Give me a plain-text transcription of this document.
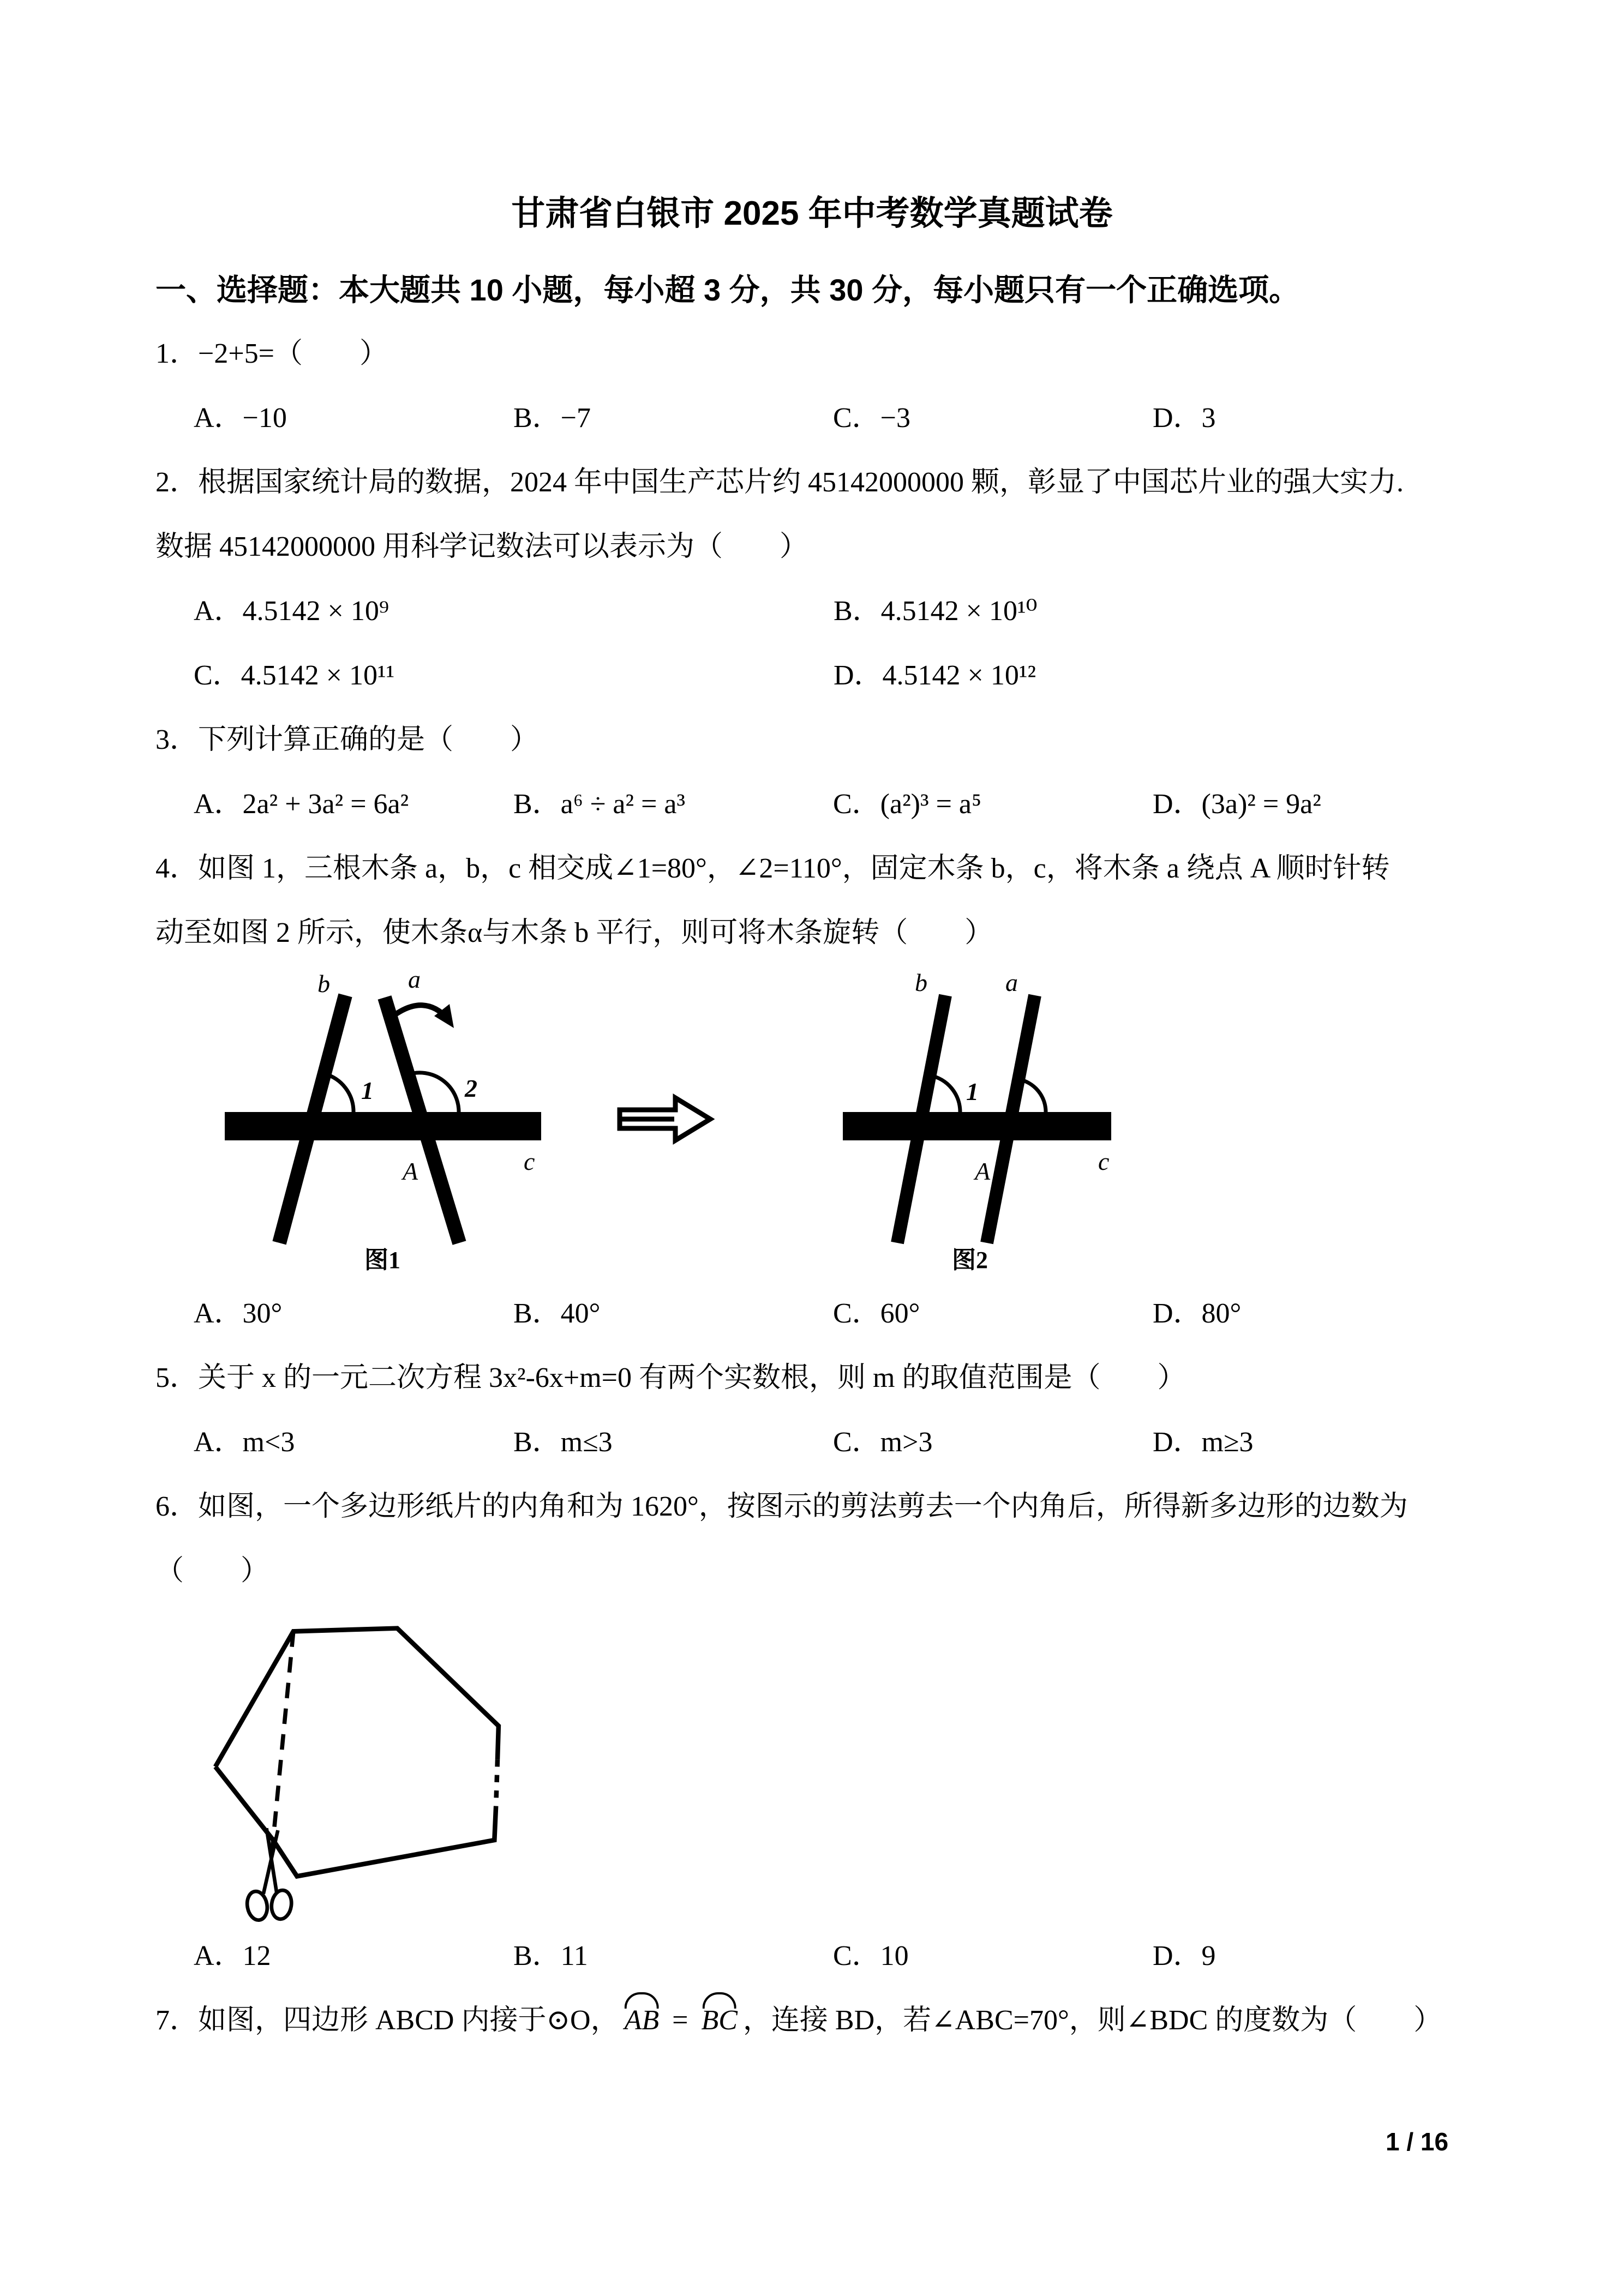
甘肃省白银市 2025 年中考数学真题试卷
一、选择题：本大题共 10 小题，每小超 3 分，共 30 分，每小题只有一个正确选项。
1．−2+5=（　　）
A．−10	B．−7	C．−3	D．3
2．根据国家统计局的数据，2024 年中国生产芯片约 45142000000 颗，彰显了中国芯片业的强大实力.
数据 45142000000 用科学记数法可以表示为（　　）
A．4.5142 × 10⁹	B．4.5142 × 10¹⁰
C．4.5142 × 10¹¹	D．4.5142 × 10¹²
3．下列计算正确的是（　　）
A．2a² + 3a² = 6a²	B．a⁶ ÷ a² = a³	C．(a²)³ = a⁵	D．(3a)² = 9a²
4．如图 1，三根木条 a，b，c 相交成∠1=80°，∠2=110°，固定木条 b，c，将木条 a 绕点 A 顺时针转
动至如图 2 所示，使木条α与木条 b 平行，则可将木条旋转（　　）
b	a
1	2
A	c
图1
b	a
1
A	c
图2
A．30°	B．40°	C．60°	D．80°
5．关于 x 的一元二次方程 3x²-6x+m=0 有两个实数根，则 m 的取值范围是（　　）
A．m<3	B．m≤3	C．m>3	D．m≥3
6．如图，一个多边形纸片的内角和为 1620°，按图示的剪法剪去一个内角后，所得新多边形的边数为
（　　）
A．12	B．11	C．10	D．9
7．如图，四边形 ABCD 内接于⊙O， AB = BC ，连接 BD，若∠ABC=70°，则∠BDC 的度数为（　　）
1 / 16
